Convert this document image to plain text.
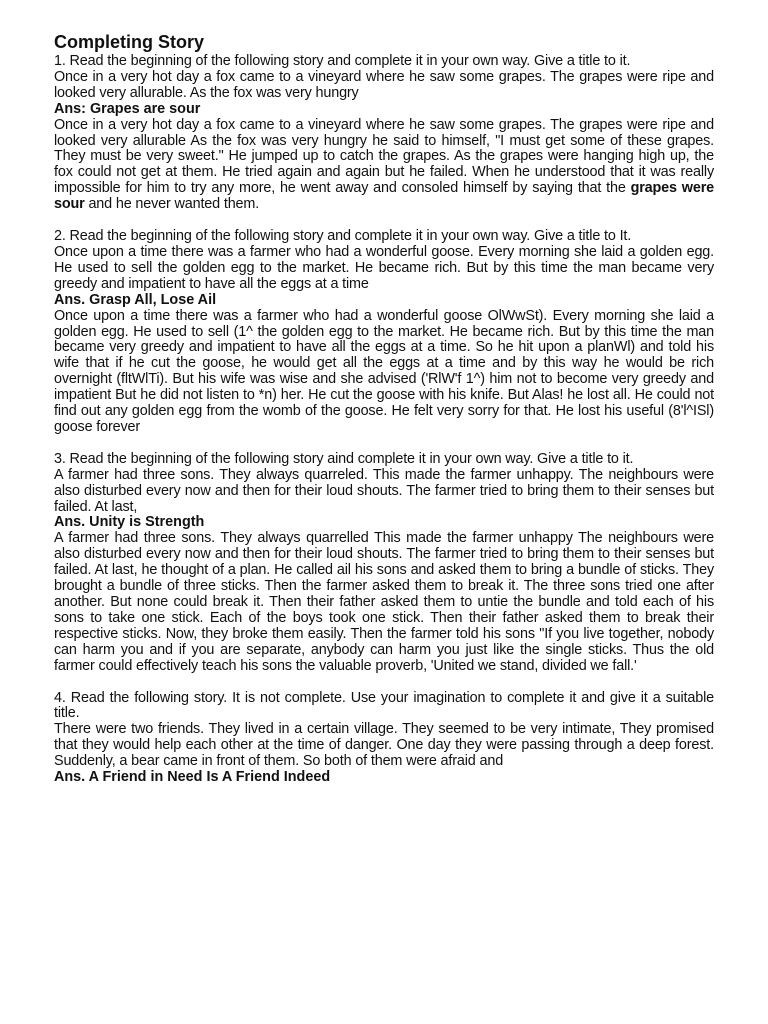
Completing Story

1. Read the beginning of the following story and complete it in your own way. Give a title to it.

Once in a very hot day a fox came to a vineyard where he saw some grapes. The grapes were ripe and looked very allurable. As the fox was very hungry

Ans: Grapes are sour

Once in a very hot day a fox came to a vineyard where he saw some grapes. The grapes were ripe and looked very allurable As the fox was very hungry he said to himself, "I must get some of these grapes. They must be very sweet." He jumped up to catch the grapes. As the grapes were hanging high up, the fox could not get at them. He tried again and again but he failed. When he understood that it was really impossible for him to try any more, he went away and consoled himself by saying that the grapes were sour and he never wanted them.

2. Read the beginning of the following story and complete it in your own way. Give a title to It.

Once upon a time there was a farmer who had a wonderful goose. Every morning she laid a golden egg. He used to sell the golden egg to the market. He became rich. But by this time the man became very greedy and impatient to have all the eggs at a time

Ans. Grasp All, Lose Ail

Once upon a time there was a farmer who had a wonderful goose OlWwSt). Every morning she laid a golden egg. He used to sell (1^ the golden egg to the market. He became rich. But by this time the man became very greedy and impatient to have all the eggs at a time. So he hit upon a planWl) and told his wife that if he cut the goose, he would get all the eggs at a time and by this way he would be rich overnight (fltWlTi). But his wife was wise and she advised ('RlW'f 1^) him not to become very greedy and impatient But he did not listen to *n) her. He cut the goose with his knife. But Alas! he lost all. He could not find out any golden egg from the womb of the goose. He felt very sorry for that. He lost his useful (8'l^ISl) goose forever

3. Read the beginning of the following story aind complete it in your own way. Give a title to it.

A farmer had three sons. They always quarreled. This made the farmer unhappy. The neighbours were also disturbed every now and then for their loud shouts. The farmer tried to bring them to their senses but failed. At last,

Ans. Unity is Strength

A farmer had three sons. They always quarrelled This made the farmer unhappy The neighbours were also disturbed every now and then for their loud shouts. The farmer tried to bring them to their senses but failed. At last, he thought of a plan. He called ail his sons and asked them to bring a bundle of sticks. They brought a bundle of three sticks. Then the farmer asked them to break it. The three sons tried one after another. But none could break it. Then their father asked them to untie the bundle and told each of his sons to take one stick. Each of the boys took one stick. Then their father asked them to break their respective sticks. Now, they broke them easily. Then the farmer told his sons "If you live together, nobody can harm you and if you are separate, anybody can harm you just like the single sticks. Thus the old farmer could effectively teach his sons the valuable proverb, 'United we stand, divided we fall.'

4. Read the following story. It is not complete. Use your imagination to complete it and give it a suitable title.

There were two friends. They lived in a certain village. They seemed to be very intimate, They promised that they would help each other at the time of danger. One day they were passing through a deep forest. Suddenly, a bear came in front of them. So both of them were afraid and

Ans. A Friend in Need Is A Friend Indeed
